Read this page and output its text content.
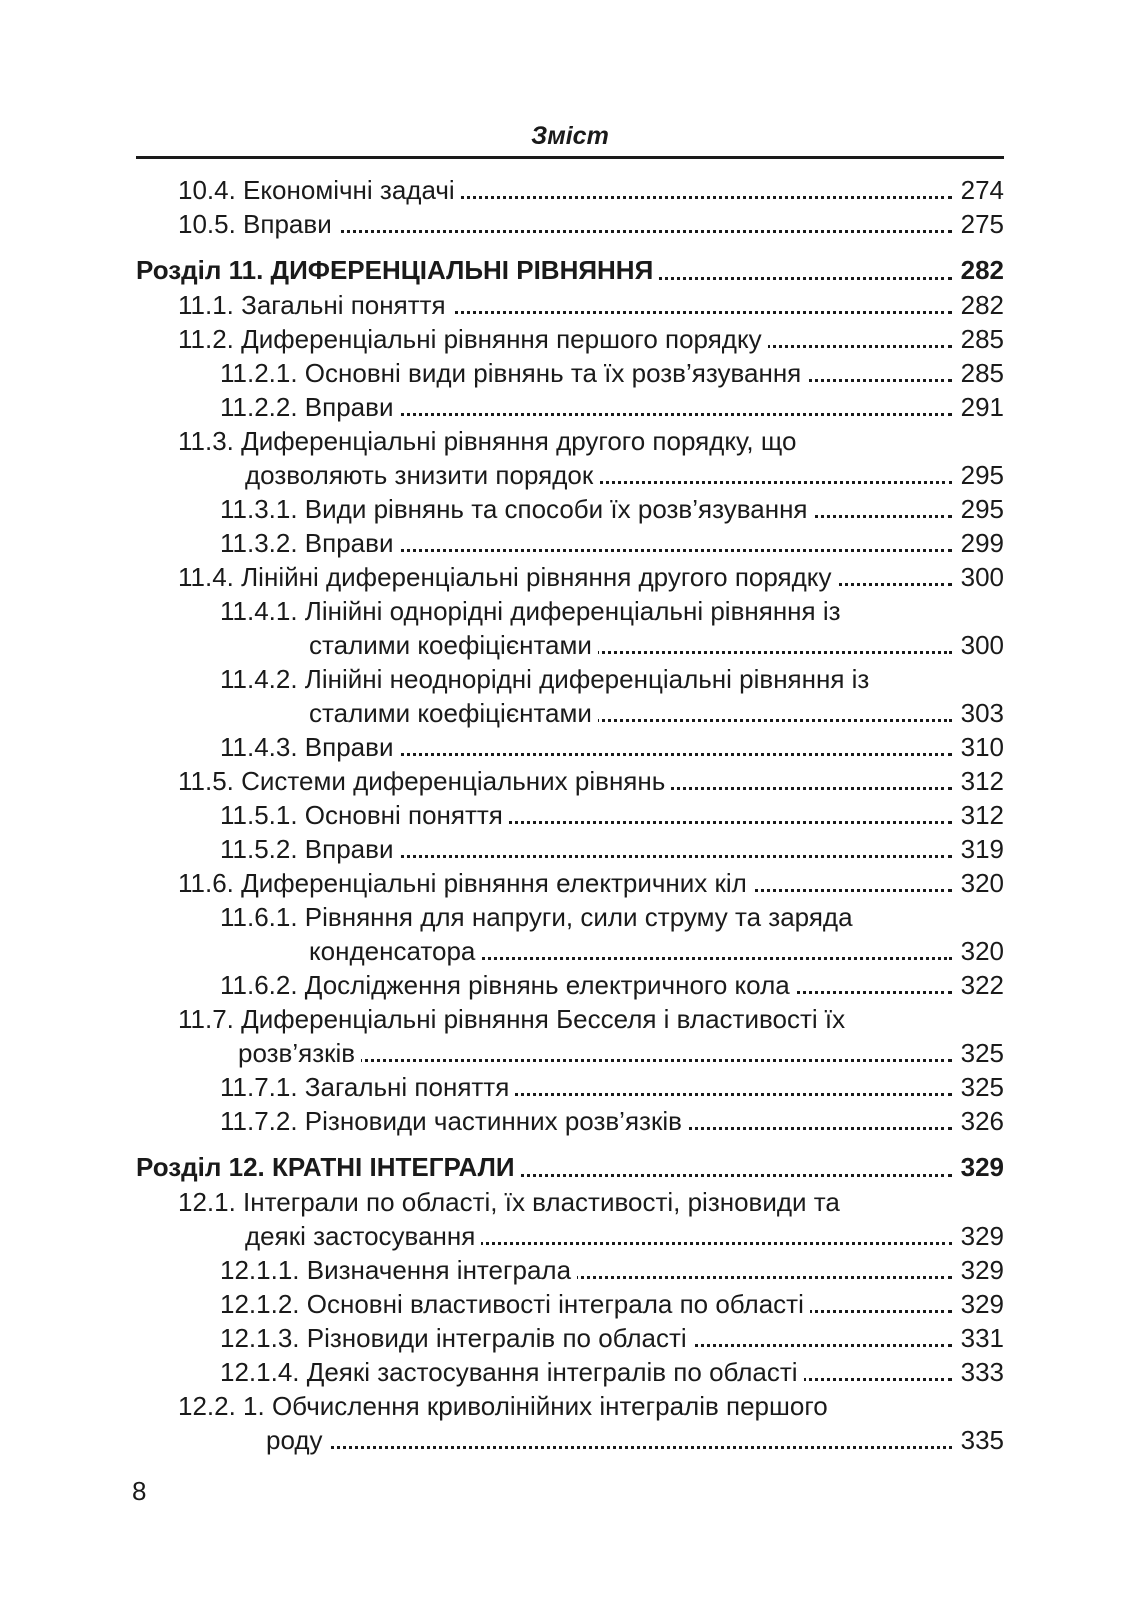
Зміст
10.4. Економічні задачі	274
10.5. Вправи	275
Розділ 11. ДИФЕРЕНЦІАЛЬНІ РІВНЯННЯ	282
11.1. Загальні поняття	282
11.2. Диференціальні рівняння першого порядку	285
11.2.1. Основні види рівнянь та їх розв’язування	285
11.2.2. Вправи	291
11.3. Диференціальні рівняння другого порядку, що
дозволяють знизити порядок	295
11.3.1. Види рівнянь та способи їх розв’язування	295
11.3.2. Вправи	299
11.4. Лінійні диференціальні рівняння другого порядку	300
11.4.1. Лінійні однорідні диференціальні рівняння із
сталими коефіцієнтами	300
11.4.2. Лінійні неоднорідні диференціальні рівняння із
сталими коефіцієнтами	303
11.4.3. Вправи	310
11.5. Системи диференціальних рівнянь	312
11.5.1. Основні поняття	312
11.5.2. Вправи	319
11.6. Диференціальні рівняння електричних кіл	320
11.6.1. Рівняння для напруги, сили струму та заряда
конденсатора	320
11.6.2. Дослідження рівнянь електричного кола	322
11.7. Диференціальні рівняння Бесселя і властивості їх
розв’язків	325
11.7.1. Загальні поняття	325
11.7.2. Різновиди частинних розв’язків	326
Розділ 12. КРАТНІ ІНТЕГРАЛИ	329
12.1. Інтеграли по області, їх властивості, різновиди та
деякі застосування	329
12.1.1. Визначення інтеграла	329
12.1.2. Основні властивості інтеграла по області	329
12.1.3. Різновиди інтегралів по області	331
12.1.4. Деякі застосування інтегралів по області	333
12.2. 1. Обчислення криволінійних інтегралів першого
роду	335
8
